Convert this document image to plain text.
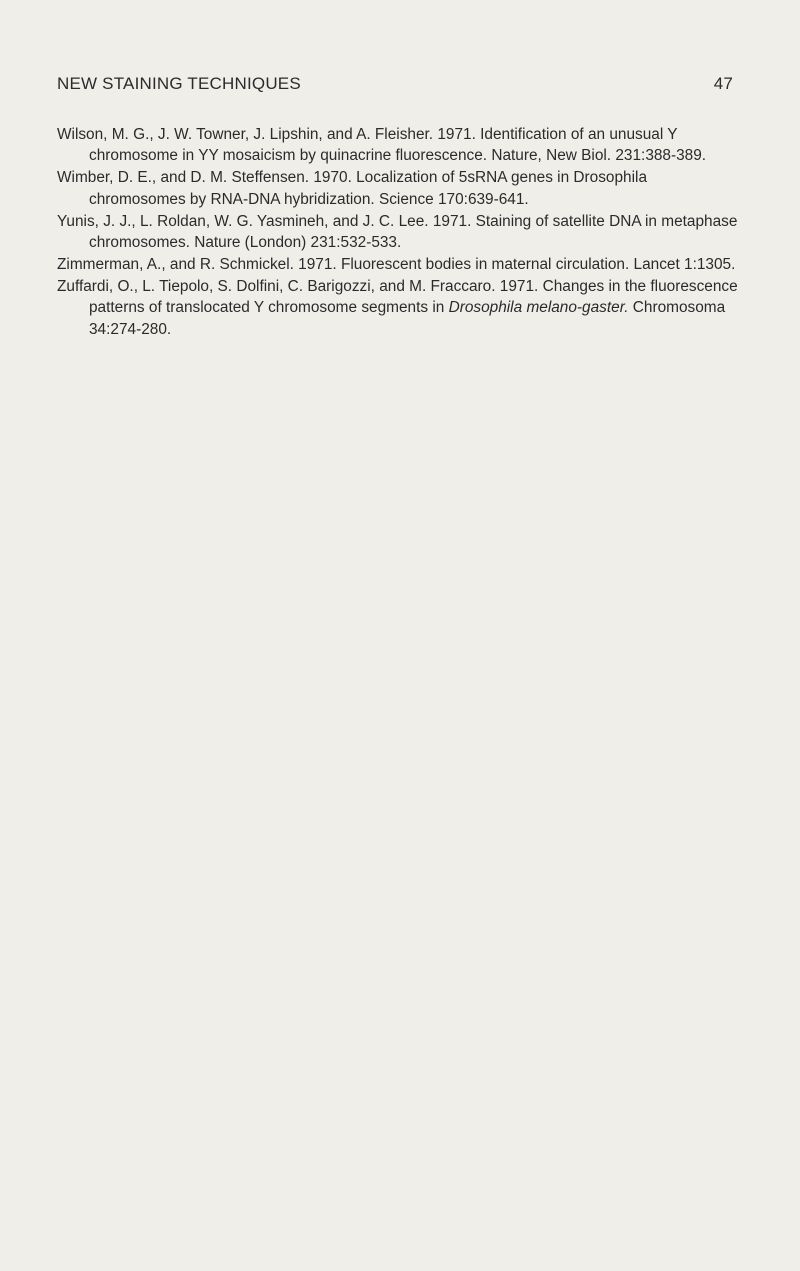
NEW STAINING TECHNIQUES	47
Wilson, M. G., J. W. Towner, J. Lipshin, and A. Fleisher. 1971. Identification of an unusual Y chromosome in YY mosaicism by quinacrine fluorescence. Nature, New Biol. 231:388-389.
Wimber, D. E., and D. M. Steffensen. 1970. Localization of 5sRNA genes in Drosophila chromosomes by RNA-DNA hybridization. Science 170:639-641.
Yunis, J. J., L. Roldan, W. G. Yasmineh, and J. C. Lee. 1971. Staining of satellite DNA in metaphase chromosomes. Nature (London) 231:532-533.
Zimmerman, A., and R. Schmickel. 1971. Fluorescent bodies in maternal circulation. Lancet 1:1305.
Zuffardi, O., L. Tiepolo, S. Dolfini, C. Barigozzi, and M. Fraccaro. 1971. Changes in the fluorescence patterns of translocated Y chromosome segments in Drosophila melano-gaster. Chromosoma 34:274-280.
